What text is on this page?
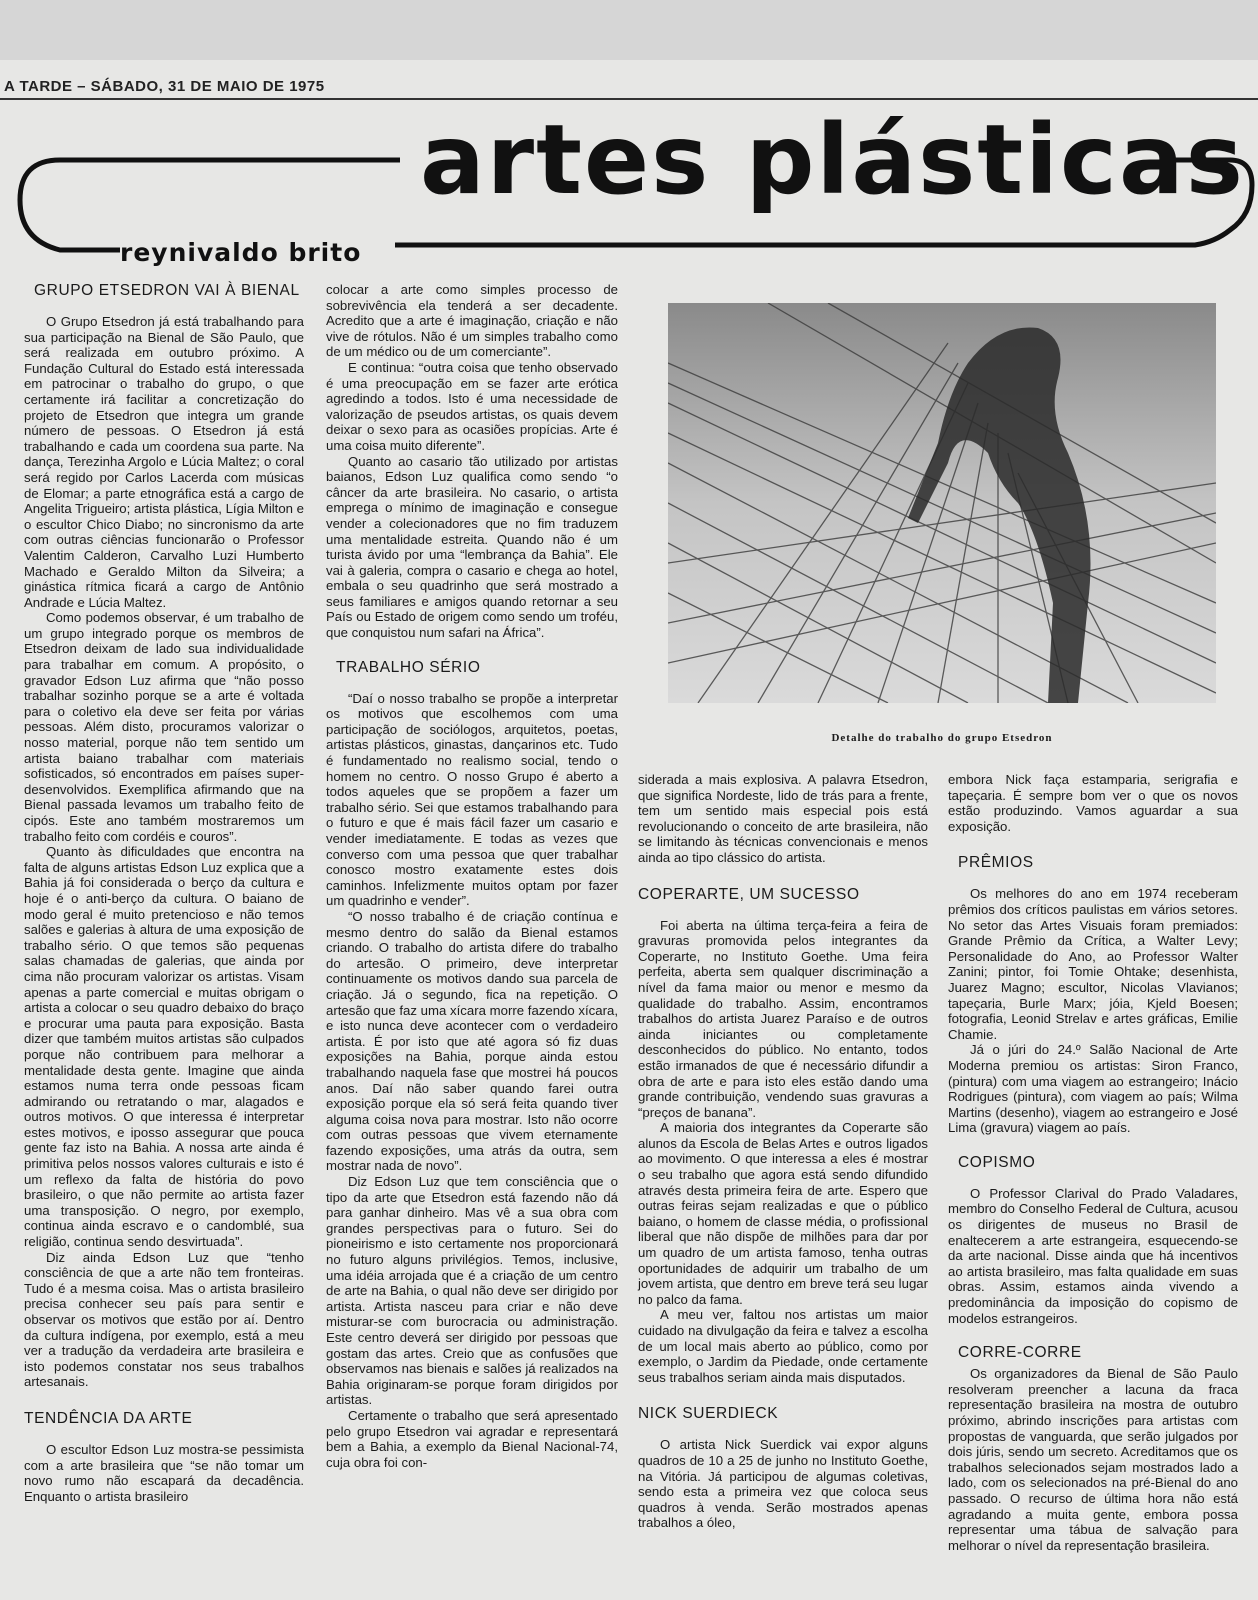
A TARDE – SÁBADO, 31 DE MAIO DE 1975
artes plásticas
reynivaldo brito
GRUPO ETSEDRON VAI À BIENAL

O Grupo Etsedron já está trabalhando para sua participação na Bienal de São Paulo, que será realizada em outubro próximo. A Fundação Cultural do Estado está interessada em patrocinar o trabalho do grupo, o que certamente irá facilitar a concretização do projeto de Etsedron que integra um grande número de pessoas. O Etsedron já está trabalhando e cada um coordena sua parte. Na dança, Terezinha Argolo e Lúcia Maltez; o coral será regido por Carlos Lacerda com músicas de Elomar; a parte etnográfica está a cargo de Angelita Trigueiro; artista plástica, Lígia Milton e o escultor Chico Diabo; no sincronismo da arte com outras ciências funcionarão o Professor Valentim Calderon, Carvalho Luzi Humberto Machado e Geraldo Milton da Silveira; a ginástica rítmica ficará a cargo de Antônio Andrade e Lúcia Maltez.

Como podemos observar, é um trabalho de um grupo integrado porque os membros de Etsedron deixam de lado sua individualidade para trabalhar em comum. A propósito, o gravador Edson Luz afirma que “não posso trabalhar sozinho porque se a arte é voltada para o coletivo ela deve ser feita por várias pessoas. Além disto, procuramos valorizar o nosso material, porque não tem sentido um artista baiano trabalhar com materiais sofisticados, só encontrados em países super-desenvolvidos. Exemplifica afirmando que na Bienal passada levamos um trabalho feito de cipós. Este ano também mostraremos um trabalho feito com cordéis e couros”.

Quanto às dificuldades que encontra na falta de alguns artistas Edson Luz explica que a Bahia já foi considerada o berço da cultura e hoje é o anti-berço da cultura. O baiano de modo geral é muito pretencioso e não temos salões e galerias à altura de uma exposição de trabalho sério. O que temos são pequenas salas chamadas de galerias, que ainda por cima não procuram valorizar os artistas. Visam apenas a parte comercial e muitas obrigam o artista a colocar o seu quadro debaixo do braço e procurar uma pauta para exposição. Basta dizer que também muitos artistas são culpados porque não contribuem para melhorar a mentalidade desta gente. Imagine que ainda estamos numa terra onde pessoas ficam admirando ou retratando o mar, alagados e outros motivos. O que interessa é interpretar estes motivos, e iposso assegurar que pouca gente faz isto na Bahia. A nossa arte ainda é primitiva pelos nossos valores culturais e isto é um reflexo da falta de história do povo brasileiro, o que não permite ao artista fazer uma transposição. O negro, por exemplo, continua ainda escravo e o candomblé, sua religião, continua sendo desvirtuada”.

Diz ainda Edson Luz que “tenho consciência de que a arte não tem fronteiras. Tudo é a mesma coisa. Mas o artista brasileiro precisa conhecer seu país para sentir e observar os motivos que estão por aí. Dentro da cultura indígena, por exemplo, está a meu ver a tradução da verdadeira arte brasileira e isto podemos constatar nos seus trabalhos artesanais.

TENDÊNCIA DA ARTE

O escultor Edson Luz mostra-se pessimista com a arte brasileira que “se não tomar um novo rumo não escapará da decadência. Enquanto o artista brasileiro

colocar a arte como simples processo de sobrevivência ela tenderá a ser decadente. Acredito que a arte é imaginação, criação e não vive de rótulos. Não é um simples trabalho como de um médico ou de um comerciante”.

E continua: “outra coisa que tenho observado é uma preocupação em se fazer arte erótica agredindo a todos. Isto é uma necessidade de valorização de pseudos artistas, os quais devem deixar o sexo para as ocasiões propícias. Arte é uma coisa muito diferente”.

Quanto ao casario tão utilizado por artistas baianos, Edson Luz qualifica como sendo “o câncer da arte brasileira. No casario, o artista emprega o mínimo de imaginação e consegue vender a colecionadores que no fim traduzem uma mentalidade estreita. Quando não é um turista ávido por uma “lembrança da Bahia”. Ele vai à galeria, compra o casario e chega ao hotel, embala o seu quadrinho que será mostrado a seus familiares e amigos quando retornar a seu País ou Estado de origem como sendo um troféu, que conquistou num safari na África”.

TRABALHO SÉRIO

“Daí o nosso trabalho se propõe a interpretar os motivos que escolhemos com uma participação de sociólogos, arquitetos, poetas, artistas plásticos, ginastas, dançarinos etc. Tudo é fundamentado no realismo social, tendo o homem no centro. O nosso Grupo é aberto a todos aqueles que se propõem a fazer um trabalho sério. Sei que estamos trabalhando para o futuro e que é mais fácil fazer um casario e vender imediatamente. E todas as vezes que converso com uma pessoa que quer trabalhar conosco mostro exatamente estes dois caminhos. Infelizmente muitos optam por fazer um quadrinho e vender”.

“O nosso trabalho é de criação contínua e mesmo dentro do salão da Bienal estamos criando. O trabalho do artista difere do trabalho do artesão. O primeiro, deve interpretar continuamente os motivos dando sua parcela de criação. Já o segundo, fica na repetição. O artesão que faz uma xícara morre fazendo xícara, e isto nunca deve acontecer com o verdadeiro artista. É por isto que até agora só fiz duas exposições na Bahia, porque ainda estou trabalhando naquela fase que mostrei há poucos anos. Daí não saber quando farei outra exposição porque ela só será feita quando tiver alguma coisa nova para mostrar. Isto não ocorre com outras pessoas que vivem eternamente fazendo exposições, uma atrás da outra, sem mostrar nada de novo”.

Diz Edson Luz que tem consciência que o tipo da arte que Etsedron está fazendo não dá para ganhar dinheiro. Mas vê a sua obra com grandes perspectivas para o futuro. Sei do pioneirismo e isto certamente nos proporcionará no futuro alguns privilégios. Temos, inclusive, uma idéia arrojada que é a criação de um centro de arte na Bahia, o qual não deve ser dirigido por artista. Artista nasceu para criar e não deve misturar-se com burocracia ou administração. Este centro deverá ser dirigido por pessoas que gostam das artes. Creio que as confusões que observamos nas bienais e salões já realizados na Bahia originaram-se porque foram dirigidos por artistas.

Certamente o trabalho que será apresentado pelo grupo Etsedron vai agradar e representará bem a Bahia, a exemplo da Bienal Nacional-74, cuja obra foi con-

Detalhe do trabalho do grupo Etsedron

siderada a mais explosiva. A palavra Etsedron, que significa Nordeste, lido de trás para a frente, tem um sentido mais especial pois está revolucionando o conceito de arte brasileira, não se limitando às técnicas convencionais e menos ainda ao tipo clássico do artista.

COPERARTE, UM SUCESSO

Foi aberta na última terça-feira a feira de gravuras promovida pelos integrantes da Coperarte, no Instituto Goethe. Uma feira perfeita, aberta sem qualquer discriminação a nível da fama maior ou menor e mesmo da qualidade do trabalho. Assim, encontramos trabalhos do artista Juarez Paraíso e de outros ainda iniciantes ou completamente desconhecidos do público. No entanto, todos estão irmanados de que é necessário difundir a obra de arte e para isto eles estão dando uma grande contribuição, vendendo suas gravuras a “preços de banana”.

A maioria dos integrantes da Coperarte são alunos da Escola de Belas Artes e outros ligados ao movimento. O que interessa a eles é mostrar o seu trabalho que agora está sendo difundido através desta primeira feira de arte. Espero que outras feiras sejam realizadas e que o público baiano, o homem de classe média, o profissional liberal que não dispõe de milhões para dar por um quadro de um artista famoso, tenha outras oportunidades de adquirir um trabalho de um jovem artista, que dentro em breve terá seu lugar no palco da fama.

A meu ver, faltou nos artistas um maior cuidado na divulgação da feira e talvez a escolha de um local mais aberto ao público, como por exemplo, o Jardim da Piedade, onde certamente seus trabalhos seriam ainda mais disputados.

NICK SUERDIECK

O artista Nick Suerdick vai expor alguns quadros de 10 a 25 de junho no Instituto Goethe, na Vitória. Já participou de algumas coletivas, sendo esta a primeira vez que coloca seus quadros à venda. Serão mostrados apenas trabalhos a óleo,

embora Nick faça estamparia, serigrafia e tapeçaria. É sempre bom ver o que os novos estão produzindo. Vamos aguardar a sua exposição.

PRÊMIOS

Os melhores do ano em 1974 receberam prêmios dos críticos paulistas em vários setores. No setor das Artes Visuais foram premiados: Grande Prêmio da Crítica, a Walter Levy; Personalidade do Ano, ao Professor Walter Zanini; pintor, foi Tomie Ohtake; desenhista, Juarez Magno; escultor, Nicolas Vlavianos; tapeçaria, Burle Marx; jóia, Kjeld Boesen; fotografia, Leonid Strelav e artes gráficas, Emilie Chamie.

Já o júri do 24.º Salão Nacional de Arte Moderna premiou os artistas: Siron Franco, (pintura) com uma viagem ao estrangeiro; Inácio Rodrigues (pintura), com viagem ao país; Wilma Martins (desenho), viagem ao estrangeiro e José Lima (gravura) viagem ao país.

COPISMO

O Professor Clarival do Prado Valadares, membro do Conselho Federal de Cultura, acusou os dirigentes de museus no Brasil de enaltecerem a arte estrangeira, esquecendo-se da arte nacional. Disse ainda que há incentivos ao artista brasileiro, mas falta qualidade em suas obras. Assim, estamos ainda vivendo a predominância da imposição do copismo de modelos estrangeiros.

CORRE-CORRE

Os organizadores da Bienal de São Paulo resolveram preencher a lacuna da fraca representação brasileira na mostra de outubro próximo, abrindo inscrições para artistas com propostas de vanguarda, que serão julgados por dois júris, sendo um secreto. Acreditamos que os trabalhos selecionados sejam mostrados lado a lado, com os selecionados na pré-Bienal do ano passado. O recurso de última hora não está agradando a muita gente, embora possa representar uma tábua de salvação para melhorar o nível da representação brasileira.
